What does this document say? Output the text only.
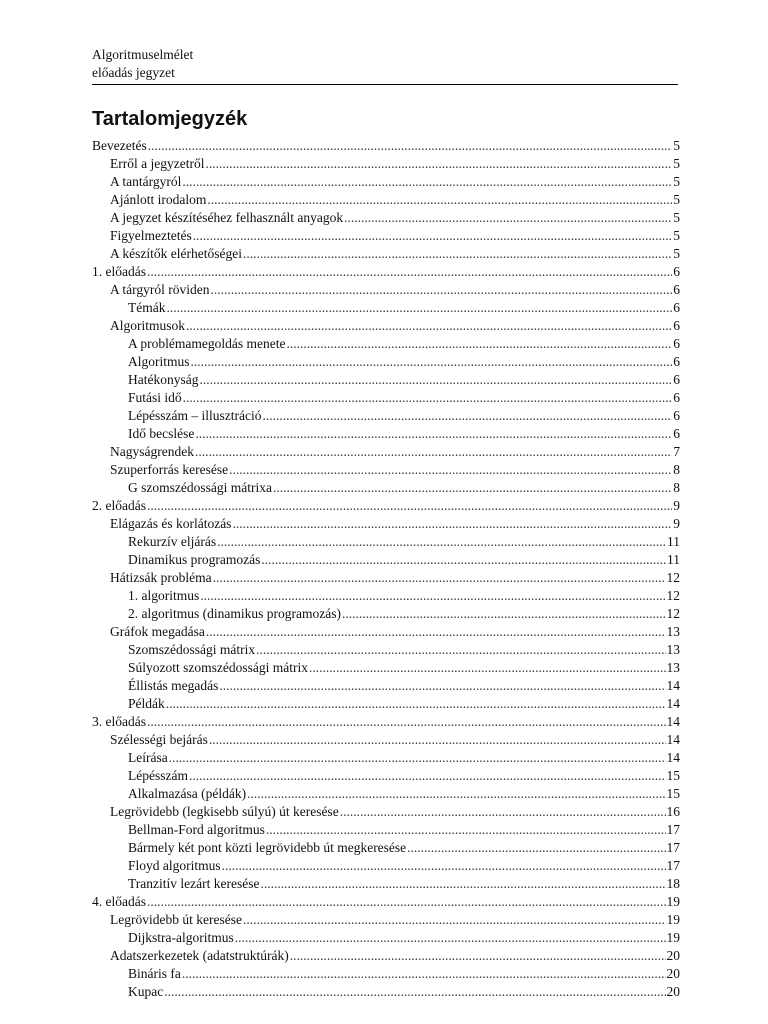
Algoritmuselmélet
előadás jegyzet
Tartalomjegyzék
Bevezetés .....	5
Erről a jegyzetről .....	5
A tantárgyról .....	5
Ajánlott irodalom .....	5
A jegyzet készítéséhez felhasznált anyagok .....	5
Figyelmeztetés .....	5
A készítők elérhetőségei .....	5
1. előadás .....	6
A tárgyról röviden .....	6
Témák .....	6
Algoritmusok .....	6
A problémamegoldás menete .....	6
Algoritmus .....	6
Hatékonyság .....	6
Futási idő .....	6
Lépésszám – illusztráció .....	6
Idő becslése .....	6
Nagyságrendek .....	7
Szuperforrás keresése .....	8
G szomszédossági mátrixa .....	8
2. előadás .....	9
Elágazás és korlátozás .....	9
Rekurzív eljárás .....	11
Dinamikus programozás .....	11
Hátizsák probléma .....	12
1. algoritmus .....	12
2. algoritmus (dinamikus programozás) .....	12
Gráfok megadása .....	13
Szomszédossági mátrix .....	13
Súlyozott szomszédossági mátrix .....	13
Éllistás megadás .....	14
Példák .....	14
3. előadás .....	14
Szélességi bejárás .....	14
Leírása .....	14
Lépésszám .....	15
Alkalmazása (példák) .....	15
Legrövidebb (legkisebb súlyú) út keresése .....	16
Bellman-Ford algoritmus .....	17
Bármely két pont közti legrövidebb út megkeresése .....	17
Floyd algoritmus .....	17
Tranzitív lezárt keresése .....	18
4. előadás .....	19
Legrövidebb út keresése .....	19
Dijkstra-algoritmus .....	19
Adatszerkezetek (adatstruktúrák) .....	20
Bináris fa .....	20
Kupac .....	20
